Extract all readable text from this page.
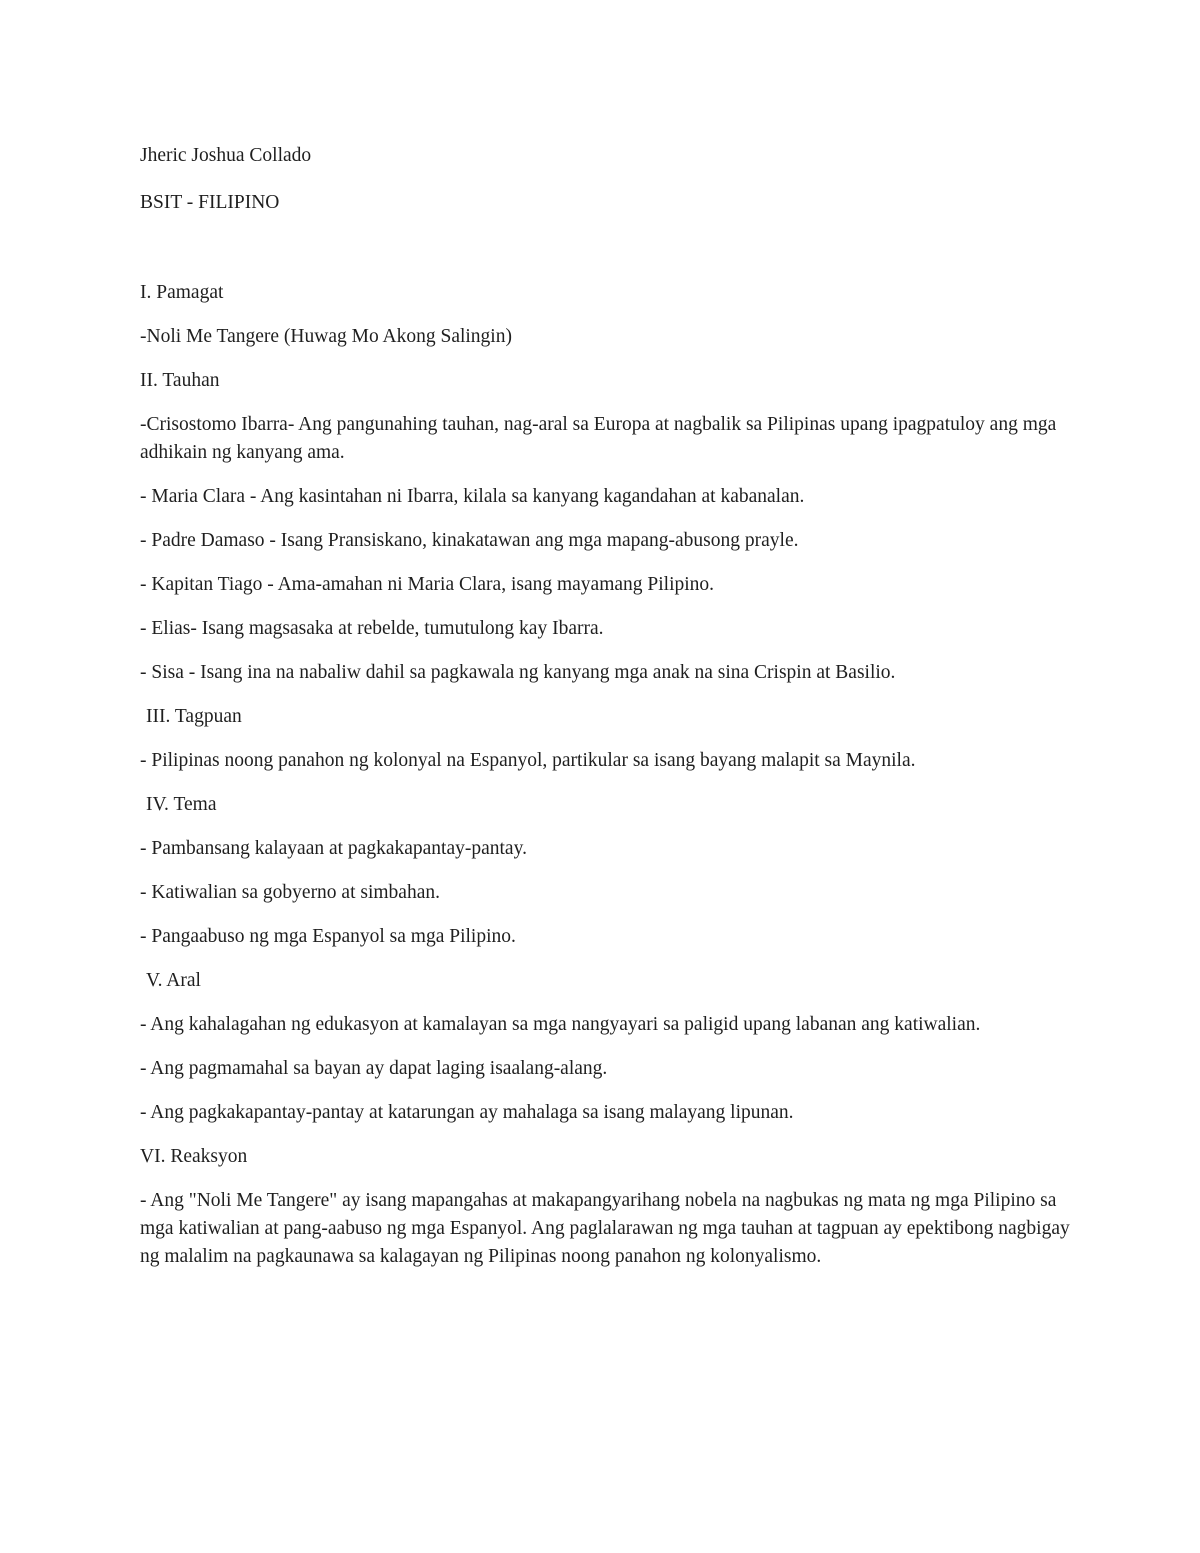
Jheric Joshua Collado

BSIT - FILIPINO

I. Pamagat

-Noli Me Tangere (Huwag Mo Akong Salingin)

II. Tauhan

-Crisostomo Ibarra- Ang pangunahing tauhan, nag-aral sa Europa at nagbalik sa Pilipinas upang ipagpatuloy ang mga adhikain ng kanyang ama.

- Maria Clara - Ang kasintahan ni Ibarra, kilala sa kanyang kagandahan at kabanalan.

- Padre Damaso - Isang Pransiskano, kinakatawan ang mga mapang-abusong prayle.

- Kapitan Tiago - Ama-amahan ni Maria Clara, isang mayamang Pilipino.

- Elias- Isang magsasaka at rebelde, tumutulong kay Ibarra.

- Sisa - Isang ina na nabaliw dahil sa pagkawala ng kanyang mga anak na sina Crispin at Basilio.

III. Tagpuan

- Pilipinas noong panahon ng kolonyal na Espanyol, partikular sa isang bayang malapit sa Maynila.

IV. Tema

- Pambansang kalayaan at pagkakapantay-pantay.

- Katiwalian sa gobyerno at simbahan.

- Pangaabuso ng mga Espanyol sa mga Pilipino.

V. Aral

- Ang kahalagahan ng edukasyon at kamalayan sa mga nangyayari sa paligid upang labanan ang katiwalian.

- Ang pagmamahal sa bayan ay dapat laging isaalang-alang.

- Ang pagkakapantay-pantay at katarungan ay mahalaga sa isang malayang lipunan.

VI. Reaksyon

- Ang "Noli Me Tangere" ay isang mapangahas at makapangyarihang nobela na nagbukas ng mata ng mga Pilipino sa mga katiwalian at pang-aabuso ng mga Espanyol. Ang paglalarawan ng mga tauhan at tagpuan ay epektibong nagbigay ng malalim na pagkaunawa sa kalagayan ng Pilipinas noong panahon ng kolonyalismo.
